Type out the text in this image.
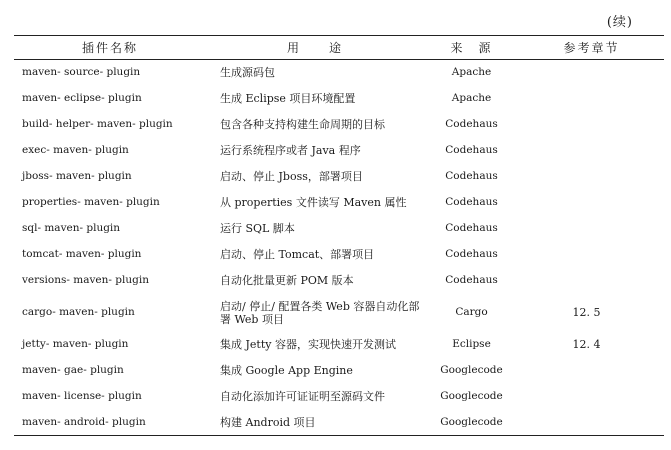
(续)
插件名称	用　　途	来　源	参考章节
maven- source- plugin	生成源码包	Apache	
maven- eclipse- plugin	生成 Eclipse 项目环境配置	Apache	
build- helper- maven- plugin	包含各种支持构建生命周期的目标	Codehaus	
exec- maven- plugin	运行系统程序或者 Java 程序	Codehaus	
jboss- maven- plugin	启动、停止 Jboss，部署项目	Codehaus	
properties- maven- plugin	从 properties 文件读写 Maven 属性	Codehaus	
sql- maven- plugin	运行 SQL 脚本	Codehaus	
tomcat- maven- plugin	启动、停止 Tomcat、部署项目	Codehaus	
versions- maven- plugin	自动化批量更新 POM 版本	Codehaus	
cargo- maven- plugin	启动/ 停止/ 配置各类 Web 容器自动化部署 Web 项目	Cargo	12. 5
jetty- maven- plugin	集成 Jetty 容器，实现快速开发测试	Eclipse	12. 4
maven- gae- plugin	集成 Google App Engine	Googlecode	
maven- license- plugin	自动化添加许可证证明至源码文件	Googlecode	
maven- android- plugin	构建 Android 项目	Googlecode	
